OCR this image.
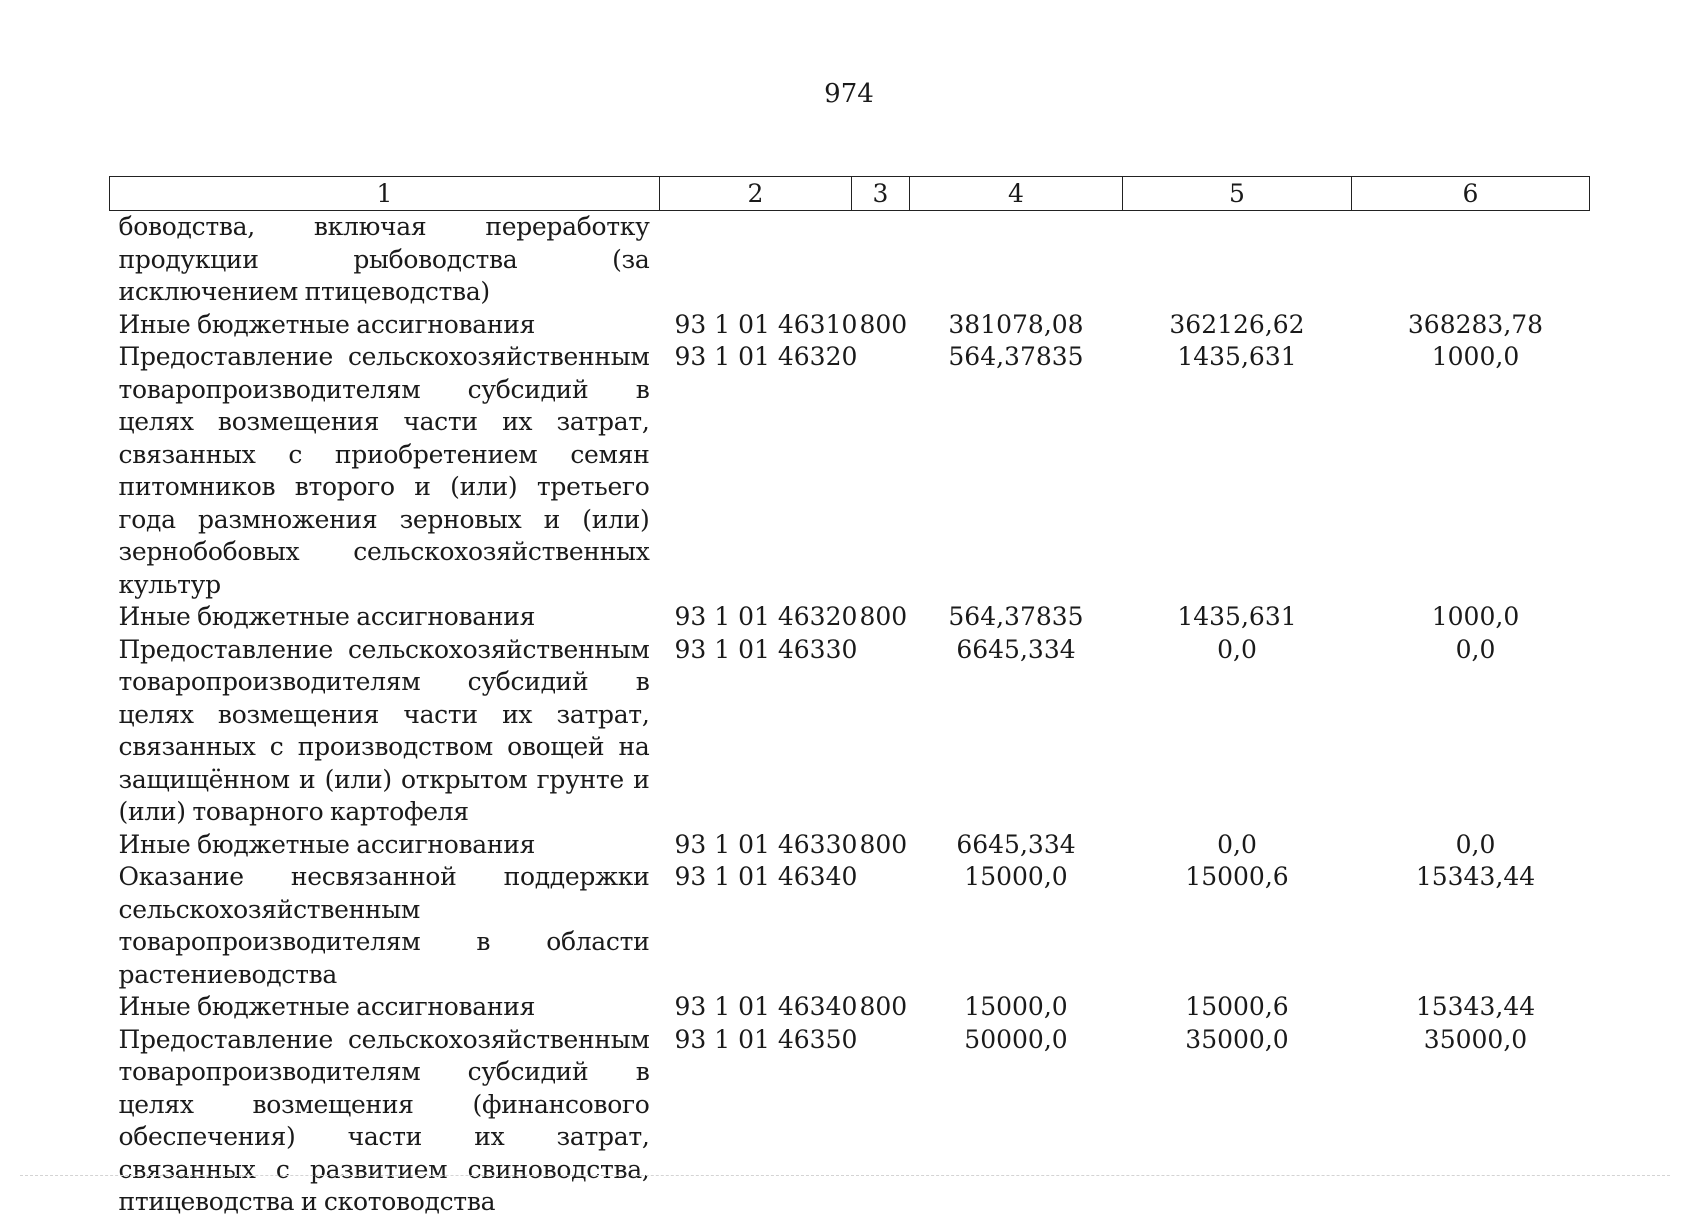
974
1	2	3	4	5	6
боводства, включая переработку продукции рыбоводства (за исключением птицеводства)					
Иные бюджетные ассигнования	93 1 01 46310	800	381078,08	362126,62	368283,78
Предоставление сельскохозяйственным товаропроизводителям субсидий в целях возмещения части их затрат, связанных с приобретением семян питомников второго и (или) третьего года размножения зерновых и (или) зернобобовых сельскохозяйственных культур	93 1 01 46320		564,37835	1435,631	1000,0
Иные бюджетные ассигнования	93 1 01 46320	800	564,37835	1435,631	1000,0
Предоставление сельскохозяйственным товаропроизводителям субсидий в целях возмещения части их затрат, связанных с производством овощей на защищённом и (или) открытом грунте и (или) товарного картофеля	93 1 01 46330		6645,334	0,0	0,0
Иные бюджетные ассигнования	93 1 01 46330	800	6645,334	0,0	0,0
Оказание несвязанной поддержки сельскохозяйственным товаропроизводителям в области растениеводства	93 1 01 46340		15000,0	15000,6	15343,44
Иные бюджетные ассигнования	93 1 01 46340	800	15000,0	15000,6	15343,44
Предоставление сельскохозяйственным товаропроизводителям субсидий в целях возмещения (финансового обеспечения) части их затрат, связанных с развитием свиноводства, птицеводства и скотоводства	93 1 01 46350		50000,0	35000,0	35000,0
